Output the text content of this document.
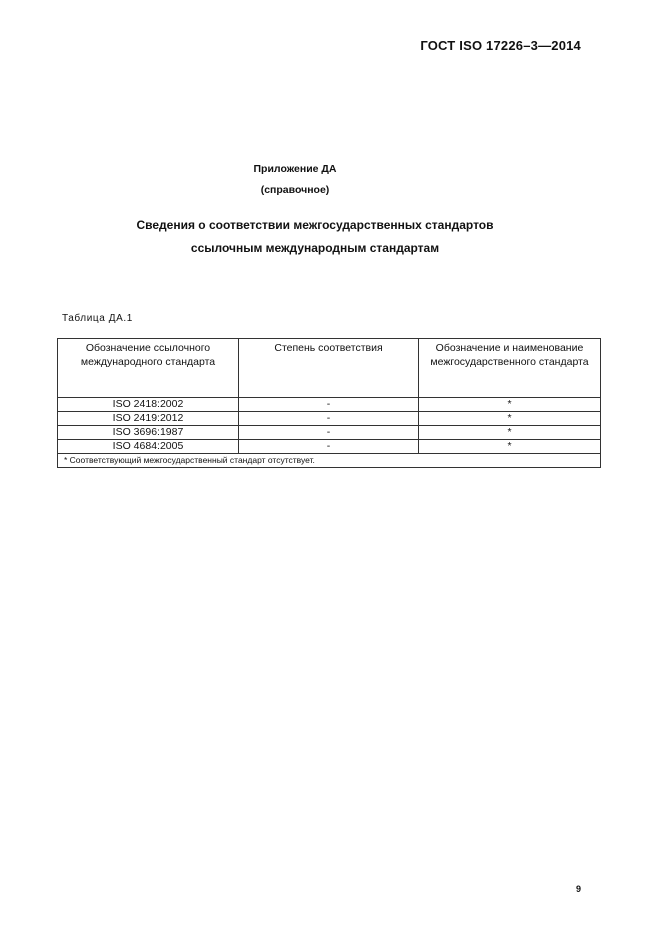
ГОСТ ISO 17226–3—2014
Приложение ДА
(справочное)
Сведения о соответствии межгосударственных стандартов
ссылочным международным стандартам
Таблица ДА.1
Обозначение ссылочного международного стандарта	Степень соответствия	Обозначение и наименование межгосударственного стандарта
ISO 2418:2002	-	*
ISO 2419:2012	-	*
ISO 3696:1987	-	*
ISO 4684:2005	-	*
* Соответствующий межгосударственный стандарт отсутствует.		
9
